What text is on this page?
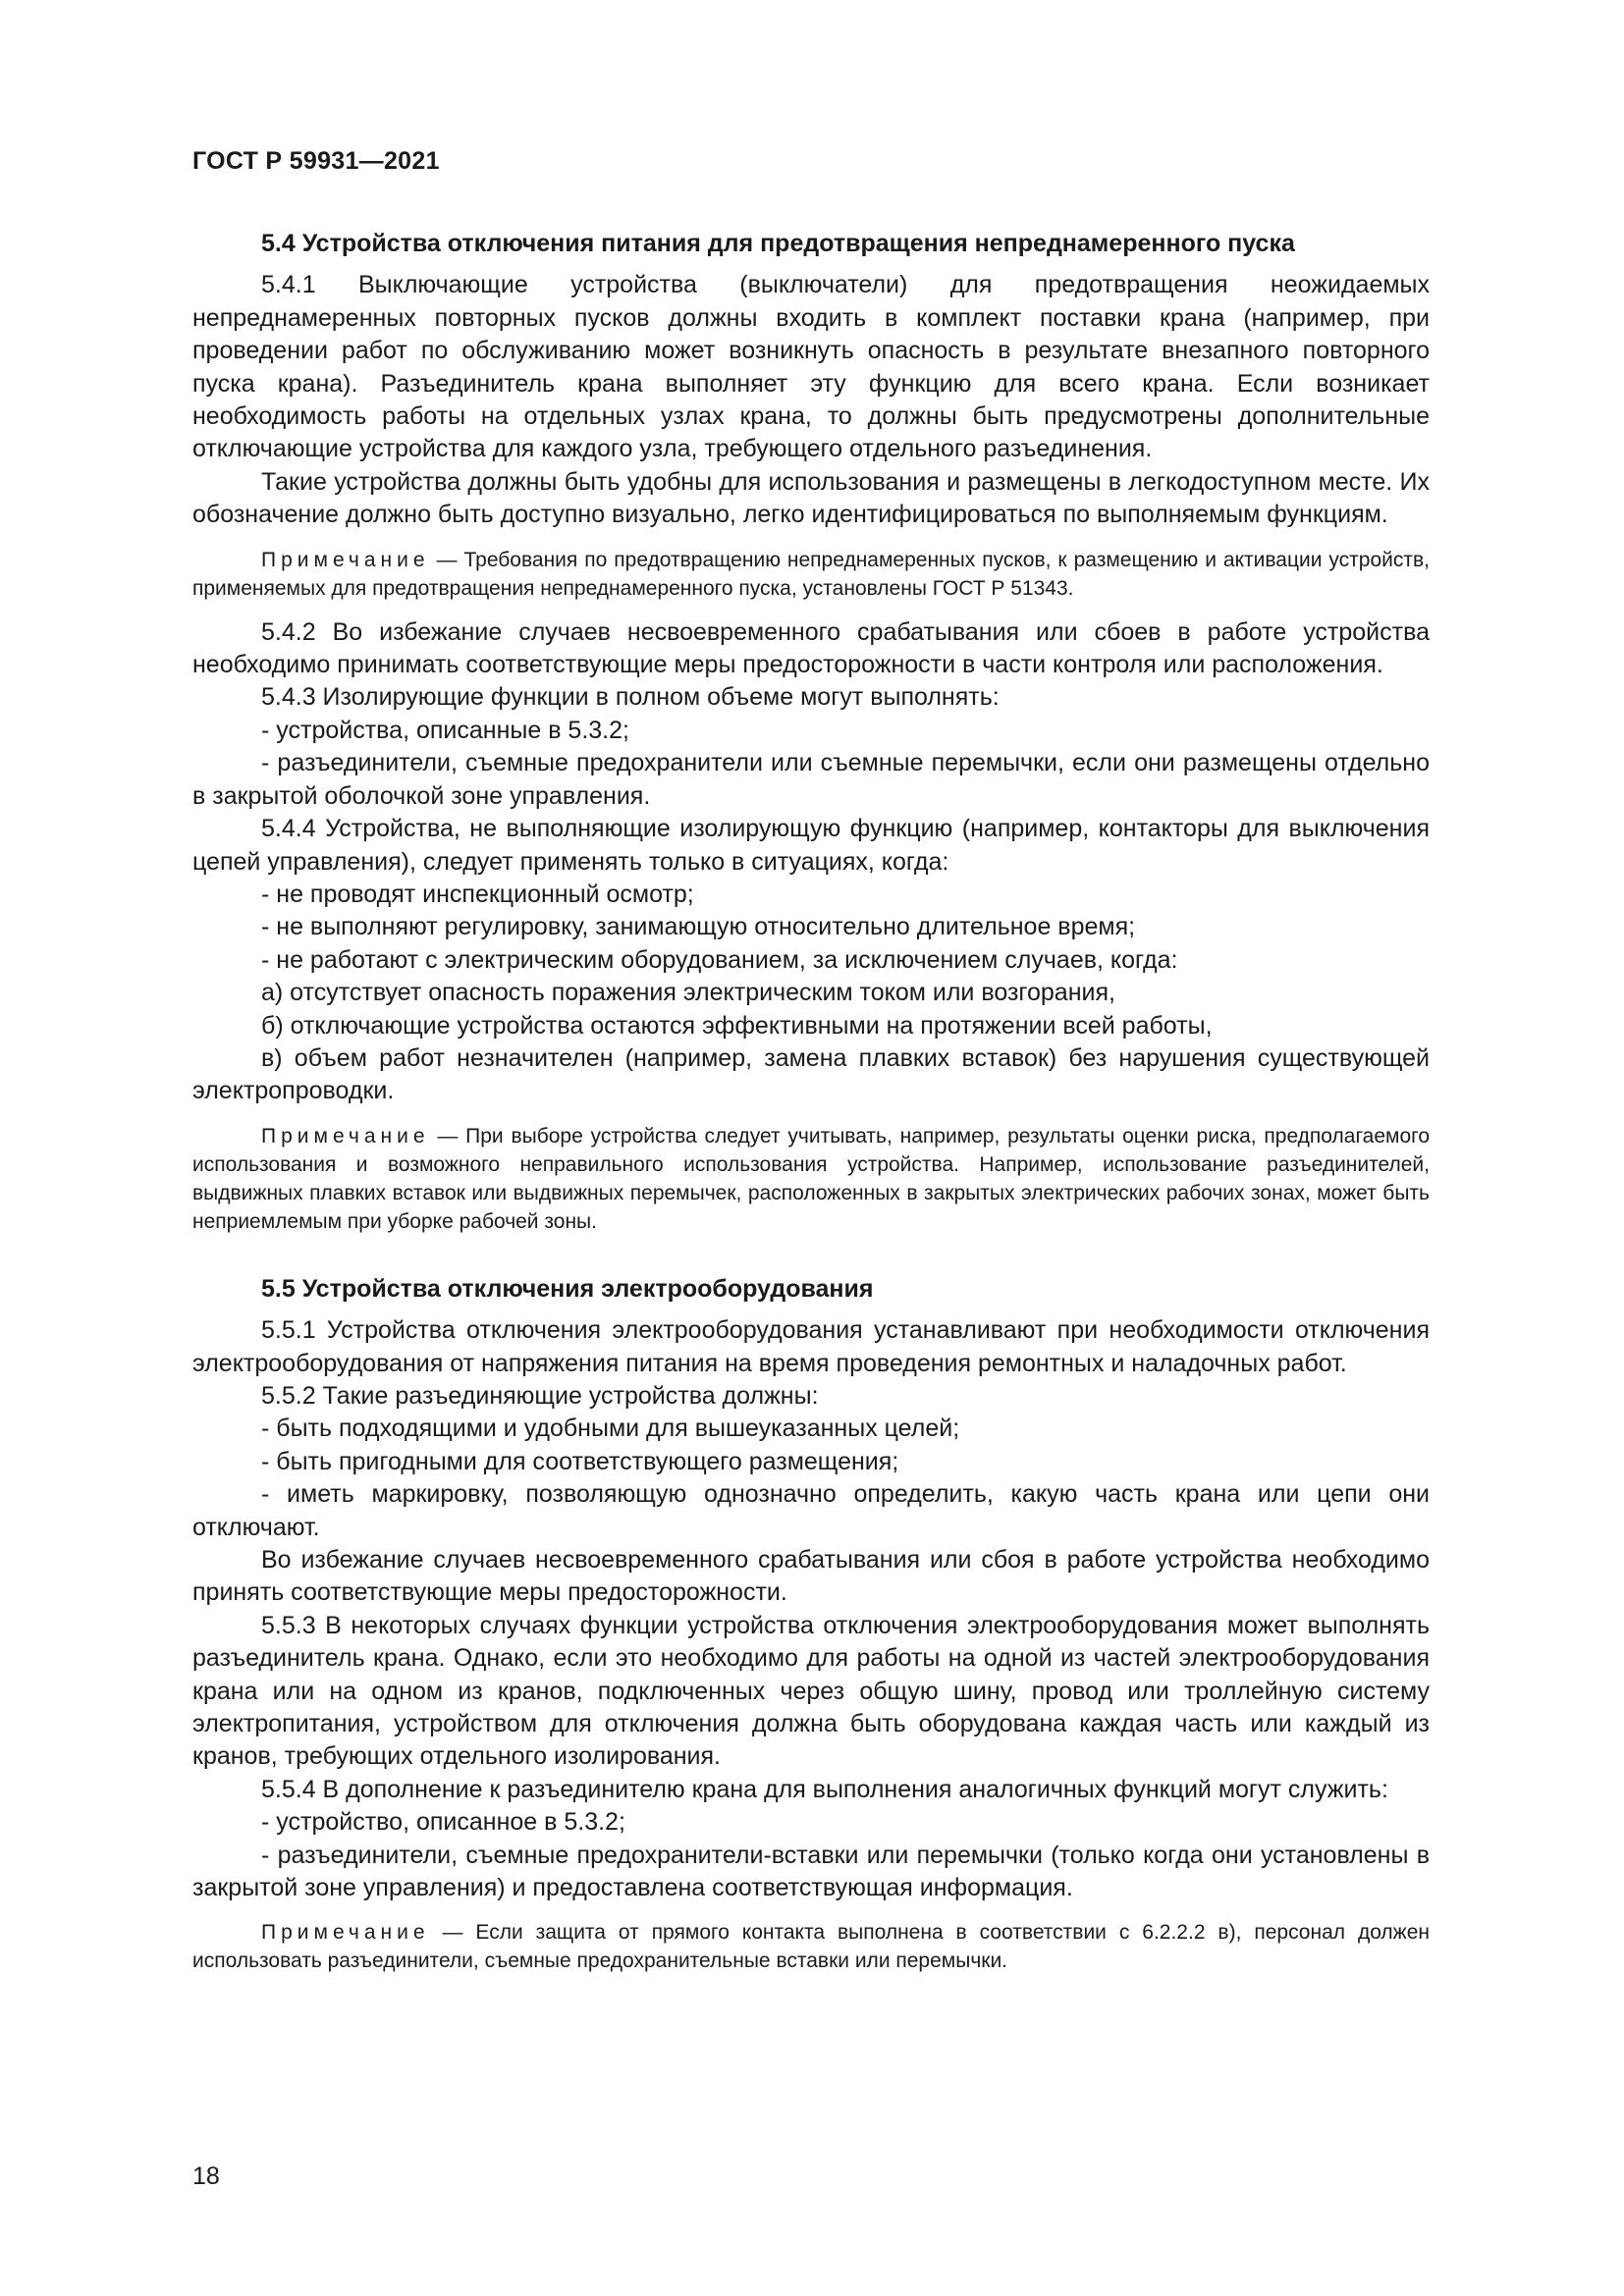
ГОСТ Р 59931—2021
5.4 Устройства отключения питания для предотвращения непреднамеренного пуска

5.4.1 Выключающие устройства (выключатели) для предотвращения неожидаемых непреднамеренных повторных пусков должны входить в комплект поставки крана (например, при проведении работ по обслуживанию может возникнуть опасность в результате внезапного повторного пуска крана). Разъединитель крана выполняет эту функцию для всего крана. Если возникает необходимость работы на отдельных узлах крана, то должны быть предусмотрены дополнительные отключающие устройства для каждого узла, требующего отдельного разъединения.

Такие устройства должны быть удобны для использования и размещены в легкодоступном месте. Их обозначение должно быть доступно визуально, легко идентифицироваться по выполняемым функциям.

Примечание — Требования по предотвращению непреднамеренных пусков, к размещению и активации устройств, применяемых для предотвращения непреднамеренного пуска, установлены ГОСТ Р 51343.

5.4.2 Во избежание случаев несвоевременного срабатывания или сбоев в работе устройства необходимо принимать соответствующие меры предосторожности в части контроля или расположения.

5.4.3 Изолирующие функции в полном объеме могут выполнять:

- устройства, описанные в 5.3.2;

- разъединители, съемные предохранители или съемные перемычки, если они размещены отдельно в закрытой оболочкой зоне управления.

5.4.4 Устройства, не выполняющие изолирующую функцию (например, контакторы для выключения цепей управления), следует применять только в ситуациях, когда:

- не проводят инспекционный осмотр;

- не выполняют регулировку, занимающую относительно длительное время;

- не работают с электрическим оборудованием, за исключением случаев, когда:

а) отсутствует опасность поражения электрическим током или возгорания,

б) отключающие устройства остаются эффективными на протяжении всей работы,

в) объем работ незначителен (например, замена плавких вставок) без нарушения существующей электропроводки.

Примечание — При выборе устройства следует учитывать, например, результаты оценки риска, предполагаемого использования и возможного неправильного использования устройства. Например, использование разъединителей, выдвижных плавких вставок или выдвижных перемычек, расположенных в закрытых электрических рабочих зонах, может быть неприемлемым при уборке рабочей зоны.

5.5 Устройства отключения электрооборудования

5.5.1 Устройства отключения электрооборудования устанавливают при необходимости отключения электрооборудования от напряжения питания на время проведения ремонтных и наладочных работ.

5.5.2 Такие разъединяющие устройства должны:

- быть подходящими и удобными для вышеуказанных целей;

- быть пригодными для соответствующего размещения;

- иметь маркировку, позволяющую однозначно определить, какую часть крана или цепи они отключают.

Во избежание случаев несвоевременного срабатывания или сбоя в работе устройства необходимо принять соответствующие меры предосторожности.

5.5.3 В некоторых случаях функции устройства отключения электрооборудования может выполнять разъединитель крана. Однако, если это необходимо для работы на одной из частей электрооборудования крана или на одном из кранов, подключенных через общую шину, провод или троллейную систему электропитания, устройством для отключения должна быть оборудована каждая часть или каждый из кранов, требующих отдельного изолирования.

5.5.4 В дополнение к разъединителю крана для выполнения аналогичных функций могут служить:

- устройство, описанное в 5.3.2;

- разъединители, съемные предохранители-вставки или перемычки (только когда они установлены в закрытой зоне управления) и предоставлена соответствующая информация.

Примечание — Если защита от прямого контакта выполнена в соответствии с 6.2.2.2 в), персонал должен использовать разъединители, съемные предохранительные вставки или перемычки.

18
